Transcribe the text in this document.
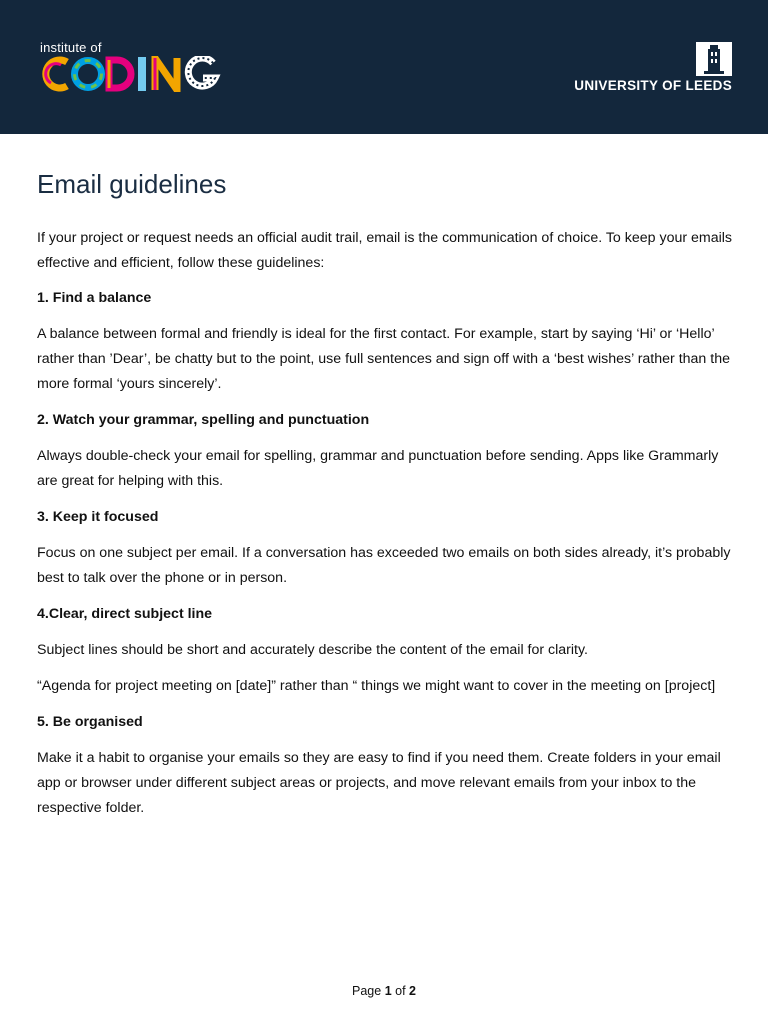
institute of
UNIVERSITY OF LEEDS
Email guidelines

If your project or request needs an official audit trail, email is the communication of choice. To keep your emails effective and efficient, follow these guidelines:

1. Find a balance

A balance between formal and friendly is ideal for the first contact. For example, start by saying ‘Hi’ or ‘Hello’ rather than ’Dear’, be chatty but to the point, use full sentences and sign off with a ‘best wishes’ rather than the more formal ‘yours sincerely’.

2. Watch your grammar, spelling and punctuation

Always double-check your email for spelling, grammar and punctuation before sending. Apps like Grammarly are great for helping with this.

3. Keep it focused

Focus on one subject per email. If a conversation has exceeded two emails on both sides already, it’s probably best to talk over the phone or in person.

4.Clear, direct subject line

Subject lines should be short and accurately describe the content of the email for clarity.

“Agenda for project meeting on [date]” rather than “ things we might want to cover in the meeting on [project]

5. Be organised

Make it a habit to organise your emails so they are easy to find if you need them. Create folders in your email app or browser under different subject areas or projects, and move relevant emails from your inbox to the respective folder.

Page 1 of 2
